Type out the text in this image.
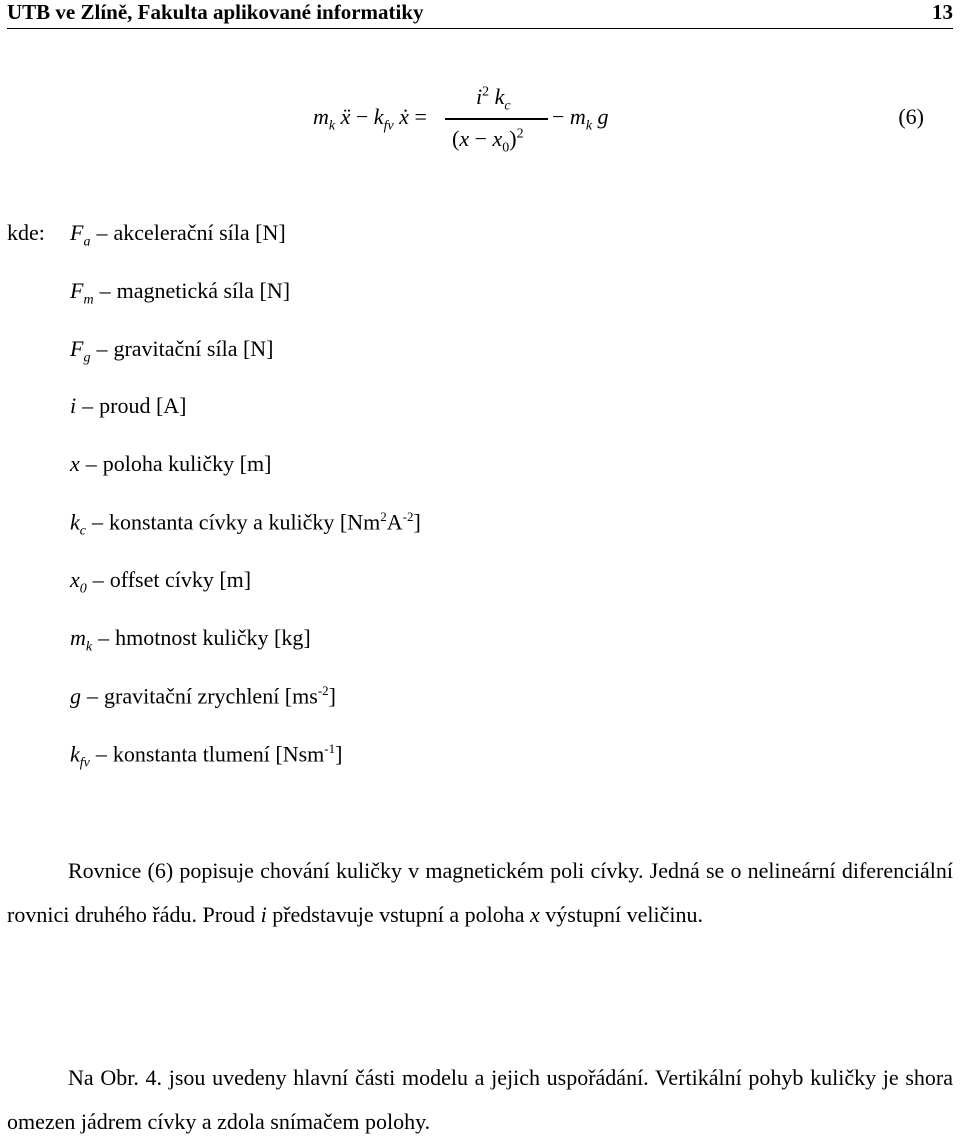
UTB ve Zlíně, Fakulta aplikované informatiky	13
$m_k$ ẍ − $k_{fv}$ ẋ =
$i^2$ $k_c$
$(x - x_0)^2$
− $m_k$ g	(6)
kde: $F_a$ – akcelerační síla [N]
$F_m$ – magnetická síla [N]
$F_g$ – gravitační síla [N]
i – proud [A]
x – poloha kuličky [m]
$k_c$ – konstanta cívky a kuličky $[Nm^2A^{-2}]$
$x_0$ – offset cívky [m]
$m_k$ – hmotnost kuličky [kg]
g – gravitační zrychlení $[ms^{-2}]$
$k_{fv}$ – konstanta tlumení [Nsm$^{-1}$]
Rovnice (6) popisuje chování kuličky v magnetickém poli cívky. Jedná se o nelineární diferenciální rovnici druhého řádu. Proud i představuje vstupní a poloha x výstupní veličinu.
Na Obr. 4. jsou uvedeny hlavní části modelu a jejich uspořádání. Vertikální pohyb kuličky je shora omezen jádrem cívky a zdola snímačem polohy.
